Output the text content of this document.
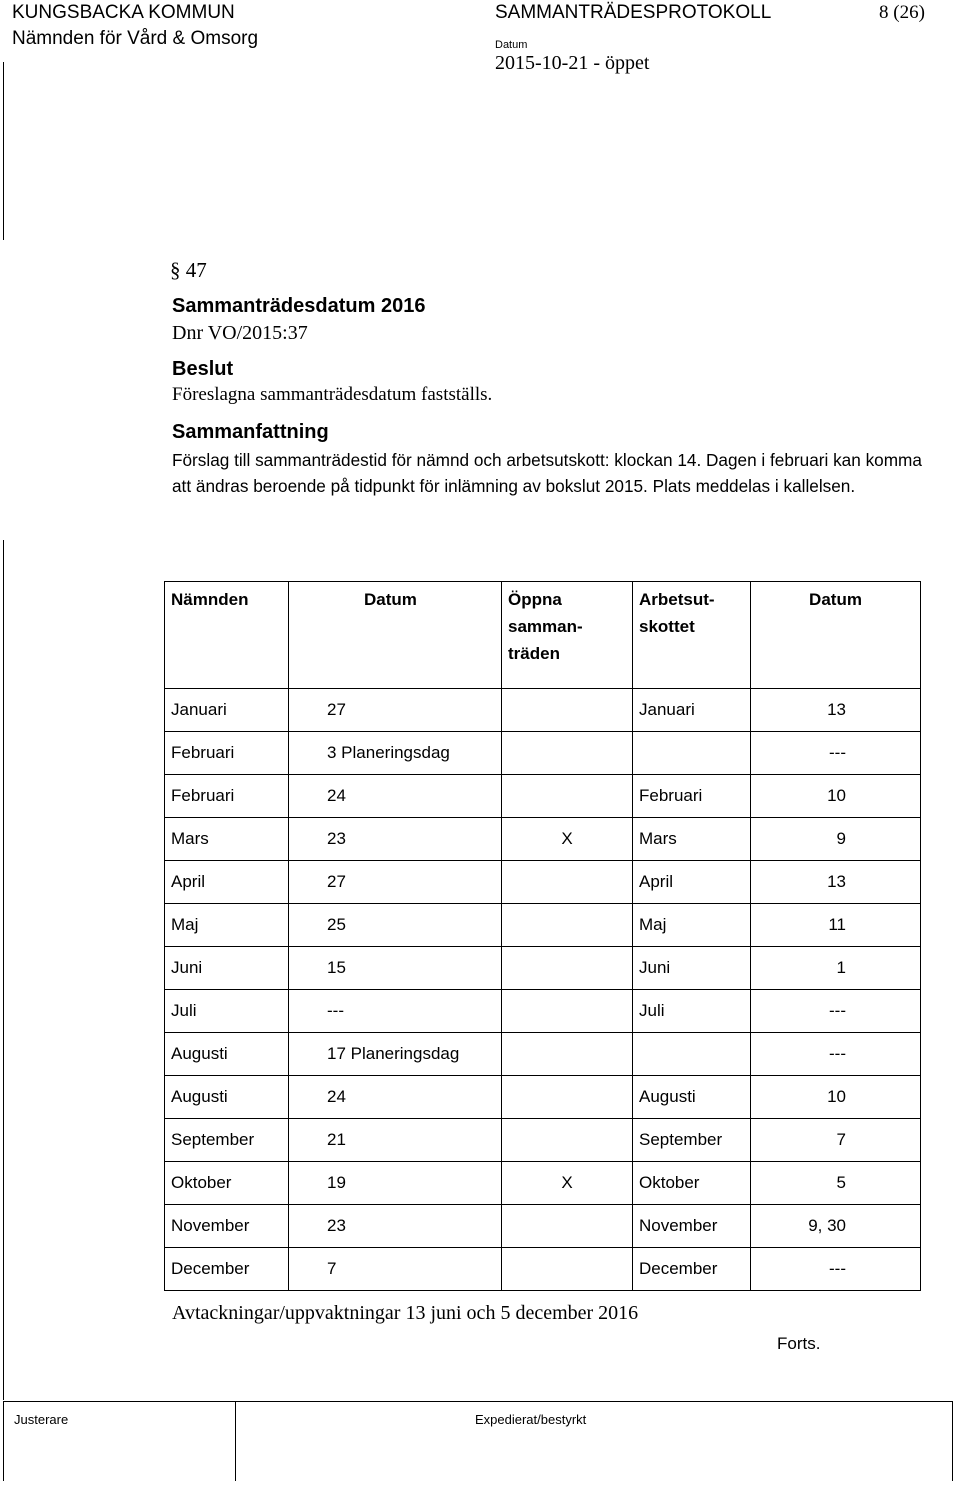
KUNGSBACKA KOMMUN
Nämnden för Vård & Omsorg
SAMMANTRÄDESPROTOKOLL	8 (26)
Datum
2015-10-21 - öppet
§ 47
Sammanträdesdatum 2016
Dnr VO/2015:37
Beslut
Föreslagna sammanträdesdatum fastställs.
Sammanfattning
Förslag till sammanträdestid för nämnd och arbetsutskott: klockan 14. Dagen i februari kan komma att ändras beroende på tidpunkt för inlämning av bokslut 2015. Plats meddelas i kallelsen.
Nämnden	Datum	Öppna samman- träden	Arbetsut- skottet	Datum
Januari	27		Januari	13
Februari	3 Planeringsdag			---
Februari	24		Februari	10
Mars	23	X	Mars	9
April	27		April	13
Maj	25		Maj	11
Juni	15		Juni	1
Juli	---		Juli	---
Augusti	17 Planeringsdag			---
Augusti	24		Augusti	10
September	21		September	7
Oktober	19	X	Oktober	5
November	23		November	9, 30
December	7		December	---
Avtackningar/uppvaktningar 13 juni och 5 december 2016
Forts.
Justerare	Expedierat/bestyrkt
